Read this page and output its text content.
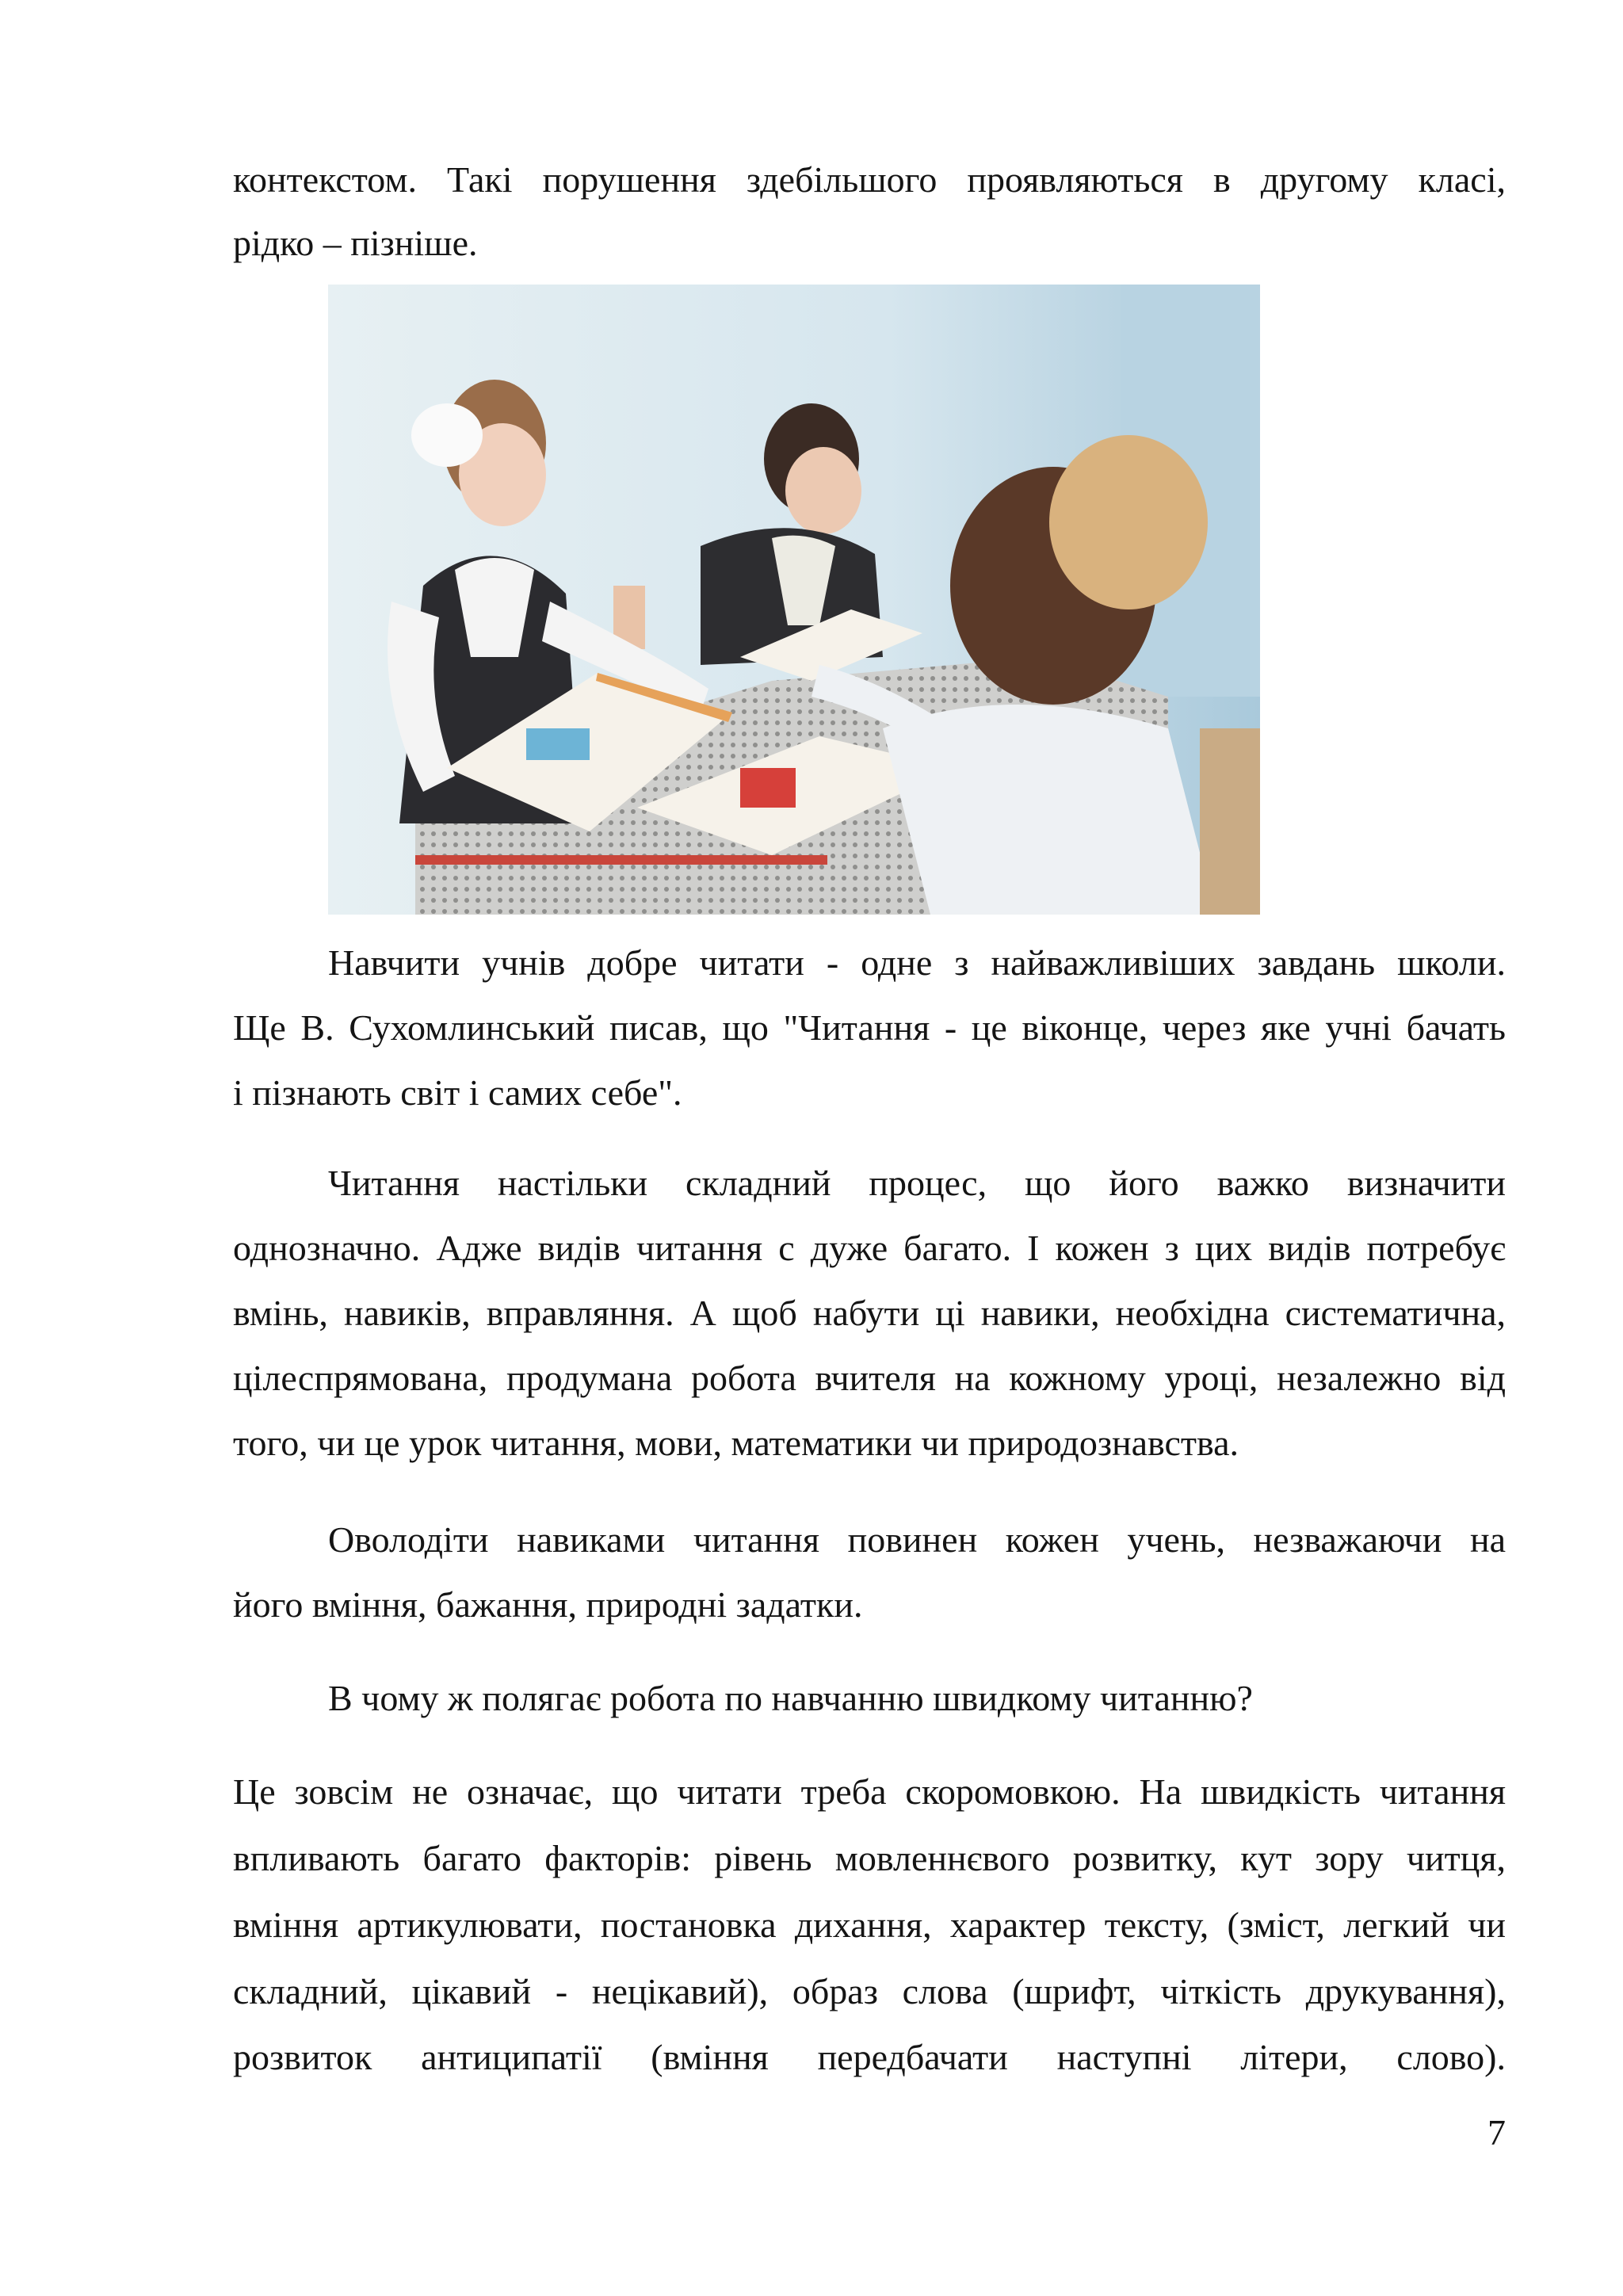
контекстом. Такі порушення здебільшого проявляються в другому класі,
рідко – пізніше.
Навчити учнів добре читати - одне з найважливіших завдань школи.
Ще В. Сухомлинський писав, що "Читання - це віконце, через яке учні бачать
і пізнають світ і самих себе".
Читання настільки складний процес, що його важко визначити
однозначно. Адже видів читання с дуже багато. І кожен з цих видів потребує
вмінь, навиків, вправляння. А щоб набути ці навики, необхідна систематична,
цілеспрямована, продумана робота вчителя на кожному уроці, незалежно від
того, чи це урок читання, мови, математики чи природознавства.
Оволодіти навиками читання повинен кожен учень, незважаючи на
його вміння, бажання, природні задатки.
В чому ж полягає робота по навчанню швидкому читанню?
Це зовсім не означає, що читати треба скоромовкою. На швидкість читання
впливають багато факторів: рівень мовленнєвого розвитку, кут зору читця,
вміння артикулювати, постановка дихання, характер тексту, (зміст, легкий чи
складний, цікавий - нецікавий), образ слова (шрифт, чіткість друкування),
розвиток антиципатії (вміння передбачати наступні літери, слово).
7
